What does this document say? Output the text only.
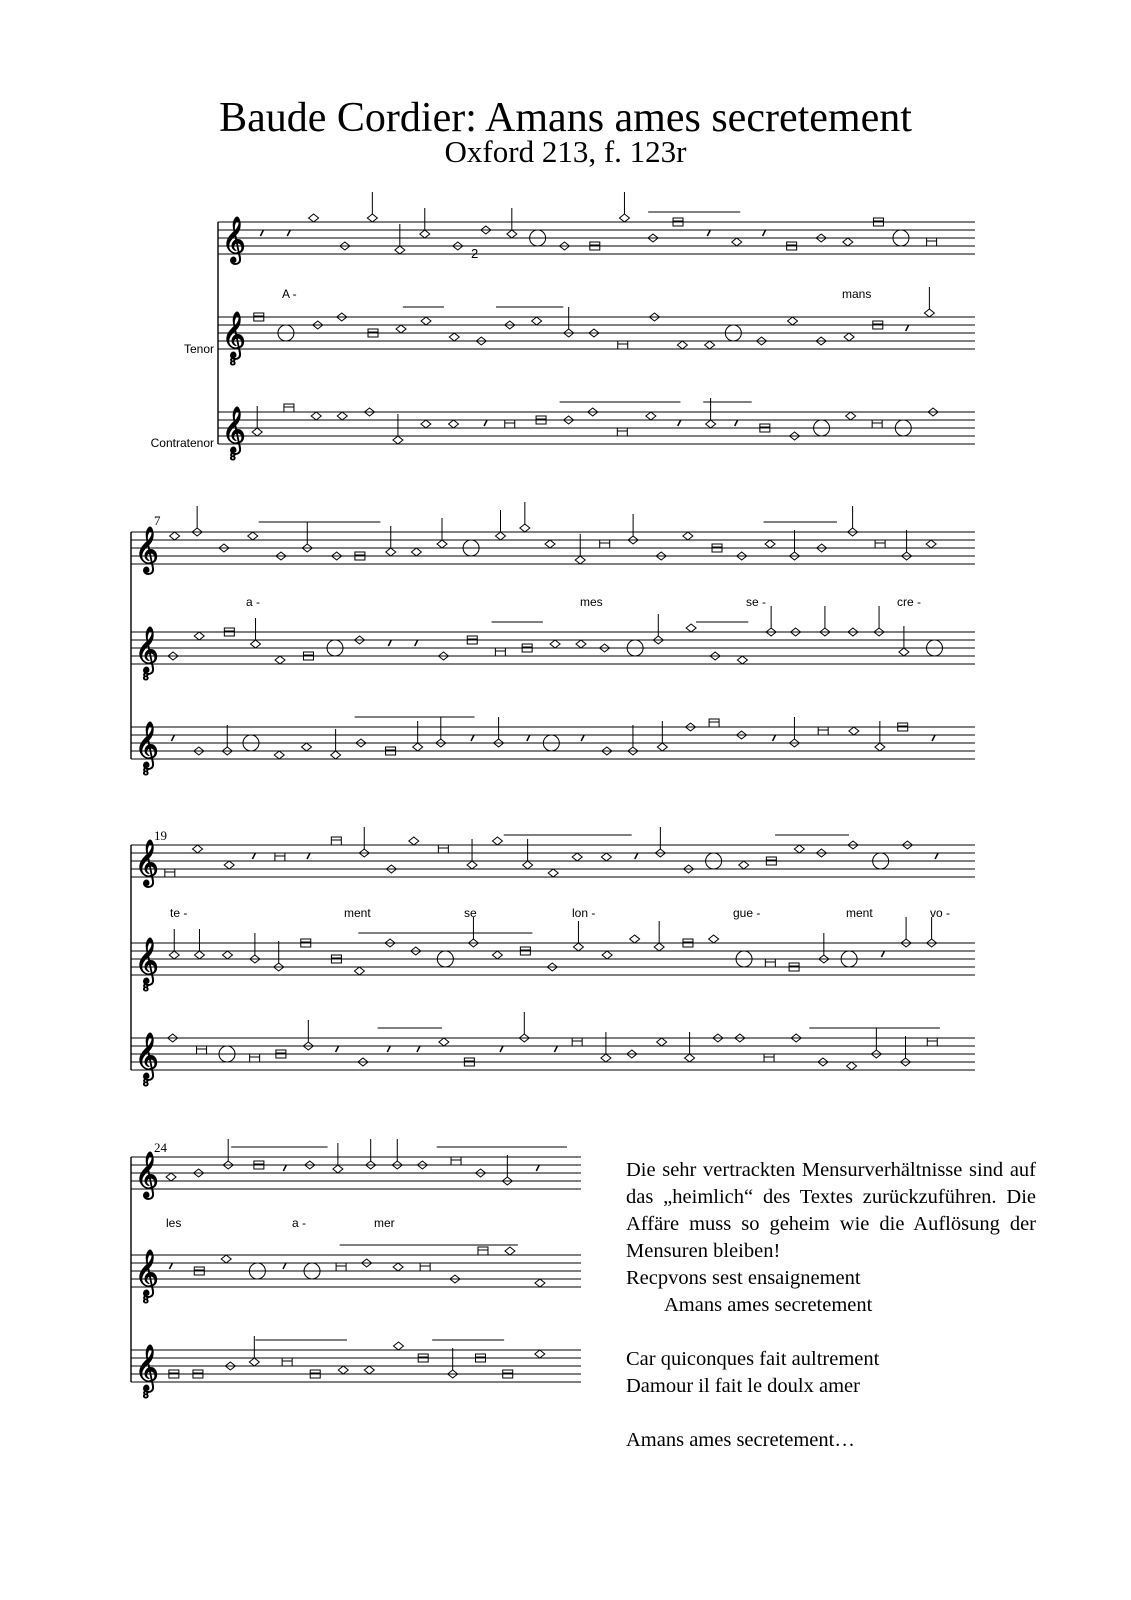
Baude Cordier: Amans ames secretement
Oxford 213, f. 123r
𝄞
𝄞
8
𝄞
8
𝄞
𝄞
8
𝄞
8
𝄞
𝄞
8
𝄞
8
𝄞
𝄞
8
𝄞
8
Tenor
Contratenor
7
19
24
2
A -	mans
a -	mes	se -	cre -
te -	ment	se	lon -	gue -	ment	vo -
les	a -	mer
Die sehr vertrackten Mensurverhältnisse sind auf das „heimlich“ des Textes zurückzuführen. Die Affäre muss so geheim wie die Auflösung der Mensuren bleiben!
Recpvons sest ensaignement
Amans ames secretement
Car quiconques fait aultrement
Damour il fait le doulx amer
Amans ames secretement…
